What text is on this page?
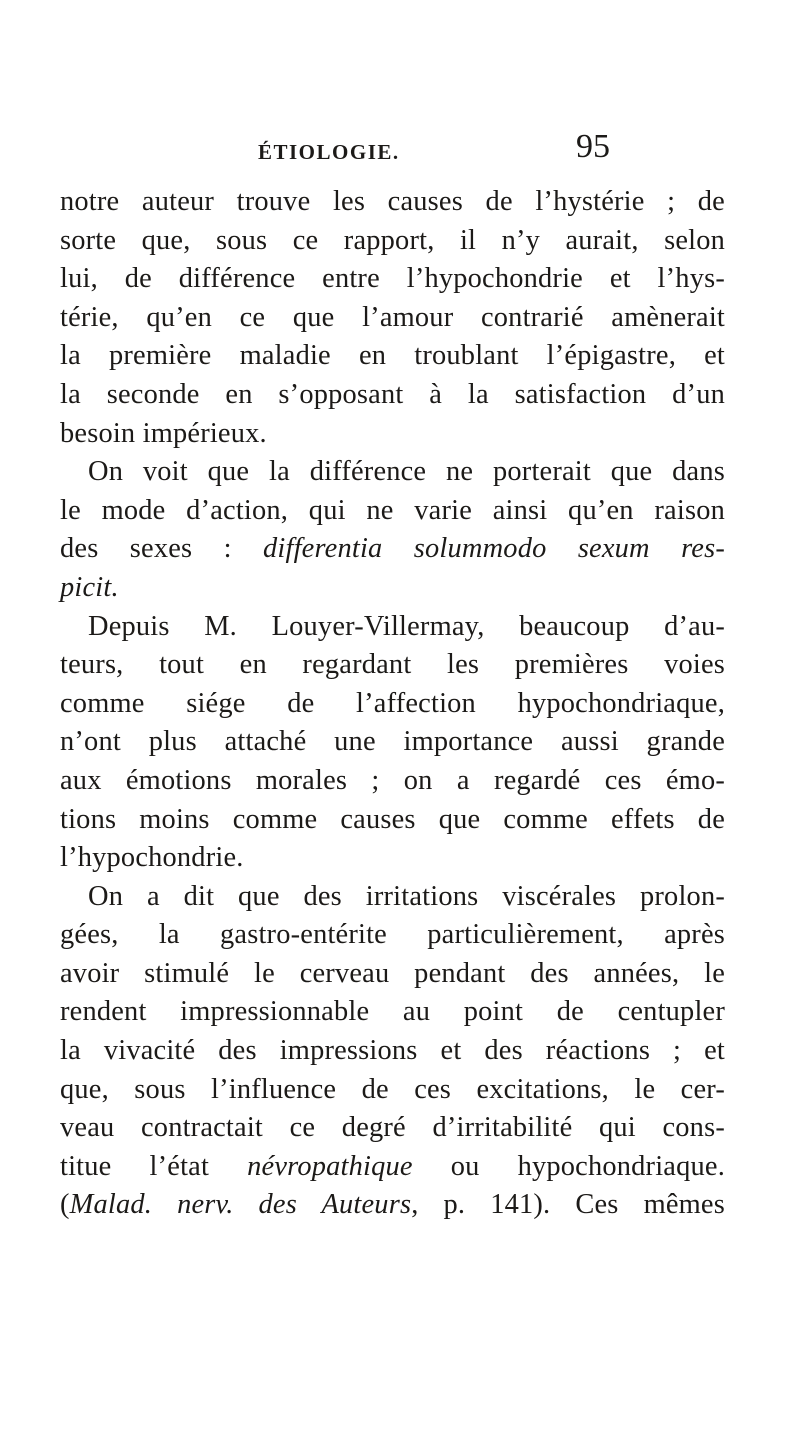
ÉTIOLOGIE.	95
notre auteur trouve les causes de l’hystérie ; de
sorte que, sous ce rapport, il n’y aurait, selon
lui, de différence entre l’hypochondrie et l’hys-
térie, qu’en ce que l’amour contrarié amènerait
la première maladie en troublant l’épigastre, et
la seconde en s’opposant à la satisfaction d’un
besoin impérieux.
On voit que la différence ne porterait que dans
le mode d’action, qui ne varie ainsi qu’en raison
des sexes : differentia solummodo sexum res-
picit.
Depuis M. Louyer-Villermay, beaucoup d’au-
teurs, tout en regardant les premières voies
comme siége de l’affection hypochondriaque,
n’ont plus attaché une importance aussi grande
aux émotions morales ; on a regardé ces émo-
tions moins comme causes que comme effets de
l’hypochondrie.
On a dit que des irritations viscérales prolon-
gées, la gastro-entérite particulièrement, après
avoir stimulé le cerveau pendant des années, le
rendent impressionnable au point de centupler
la vivacité des impressions et des réactions ; et
que, sous l’influence de ces excitations, le cer-
veau contractait ce degré d’irritabilité qui cons-
titue l’état névropathique ou hypochondriaque.
(Malad. nerv. des Auteurs, p. 141). Ces mêmes
